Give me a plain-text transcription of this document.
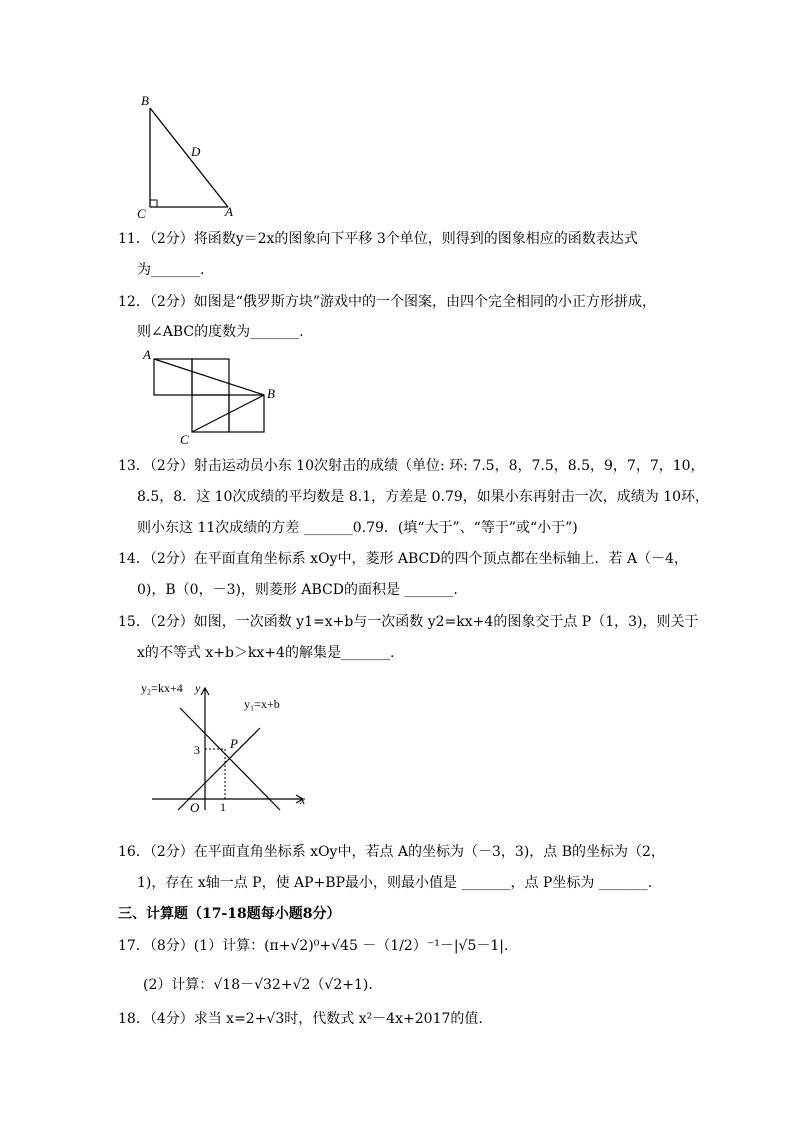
B
D
C	A
11．（2分）将函数y＝2x的图象向下平移 3个单位，则得到的图象相应的函数表达式
为_______.
12．（2分）如图是“俄罗斯方块”游戏中的一个图案，由四个完全相同的小正方形拼成，
则∠ABC的度数为_______.
A
B
C
13．（2分）射击运动员小东 10次射击的成绩（单位: 环: 7.5，8，7.5，8.5，9，7，7，10，
8.5，8．这 10次成绩的平均数是 8.1，方差是 0.79，如果小东再射击一次，成绩为 10环，
则小东这 11次成绩的方差 _______0.79．(填“大于”、“等于”或“小于”)
14．（2分）在平面直角坐标系 xOy中，菱形 ABCD的四个顶点都在坐标轴上．若 A（－4，
0)，B（0，－3)，则菱形 ABCD的面积是 _______.
15．（2分）如图，一次函数 y1=x+b与一次函数 y2=kx+4的图象交于点 P（1，3)，则关于
x的不等式 x+b＞kx+4的解集是_______.
y₂=kx+4 y
y₁=x+b
P
3
O 1	x
16．（2分）在平面直角坐标系 xOy中，若点 A的坐标为（－3，3)，点 B的坐标为（2，
1)，存在 x轴一点 P，使 AP+BP最小，则最小值是 _______，点 P坐标为 _______.
三、计算题（17-18题每小题8分）
17．（8分）(1）计算：(π+√2)⁰+√45 －（1/2）⁻¹－|√5－1|.
(2）计算：√18－√32+√2（√2+1).
18．（4分）求当 x=2+√3时，代数式 x²－4x+2017的值.
